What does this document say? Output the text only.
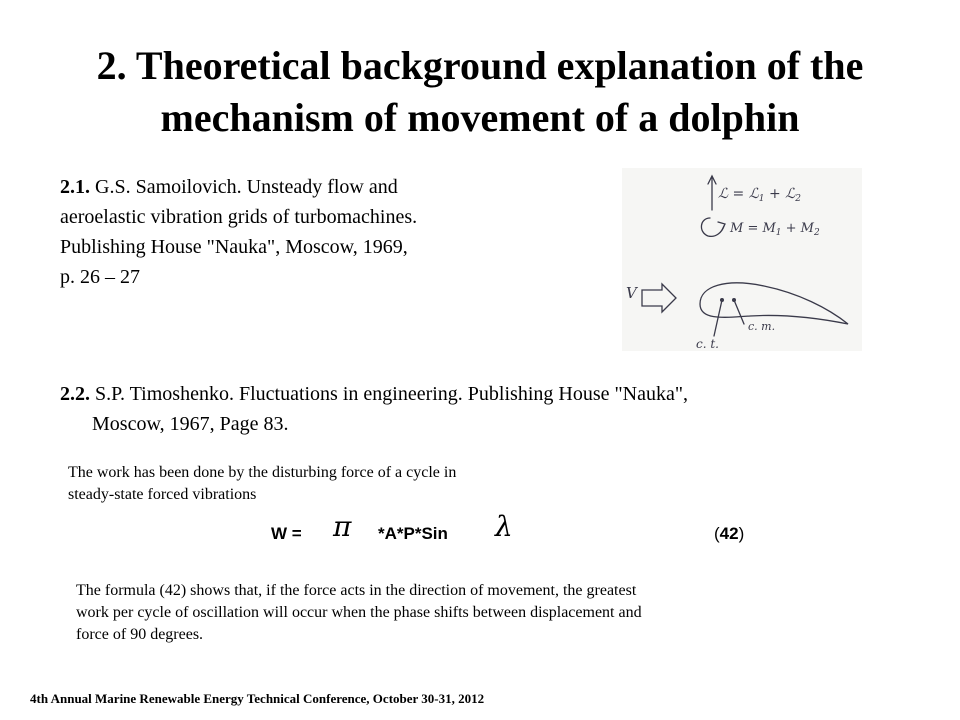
2. Theoretical background explanation of the
mechanism of movement of a dolphin
2.1. G.S. Samoilovich. Unsteady flow and
aeroelastic vibration grids of turbomachines.
Publishing House "Nauka", Moscow, 1969,
p. 26 – 27
ℒ = ℒ$_1$ + ℒ$_2$
$M = M_1 + M_2$
V
c. t.
c. m.
2.2. S.P. Timoshenko. Fluctuations in engineering. Publishing House "Nauka",
Moscow, 1967, Page 83.
The work has been done by the disturbing force of a cycle in
steady-state forced vibrations
W = π *A*P*Sin λ	(42)
The formula (42) shows that, if the force acts in the direction of movement, the greatest
work per cycle of oscillation will occur when the phase shifts between displacement and
force of 90 degrees.
4th Annual Marine Renewable Energy Technical Conference, October 30-31, 2012
